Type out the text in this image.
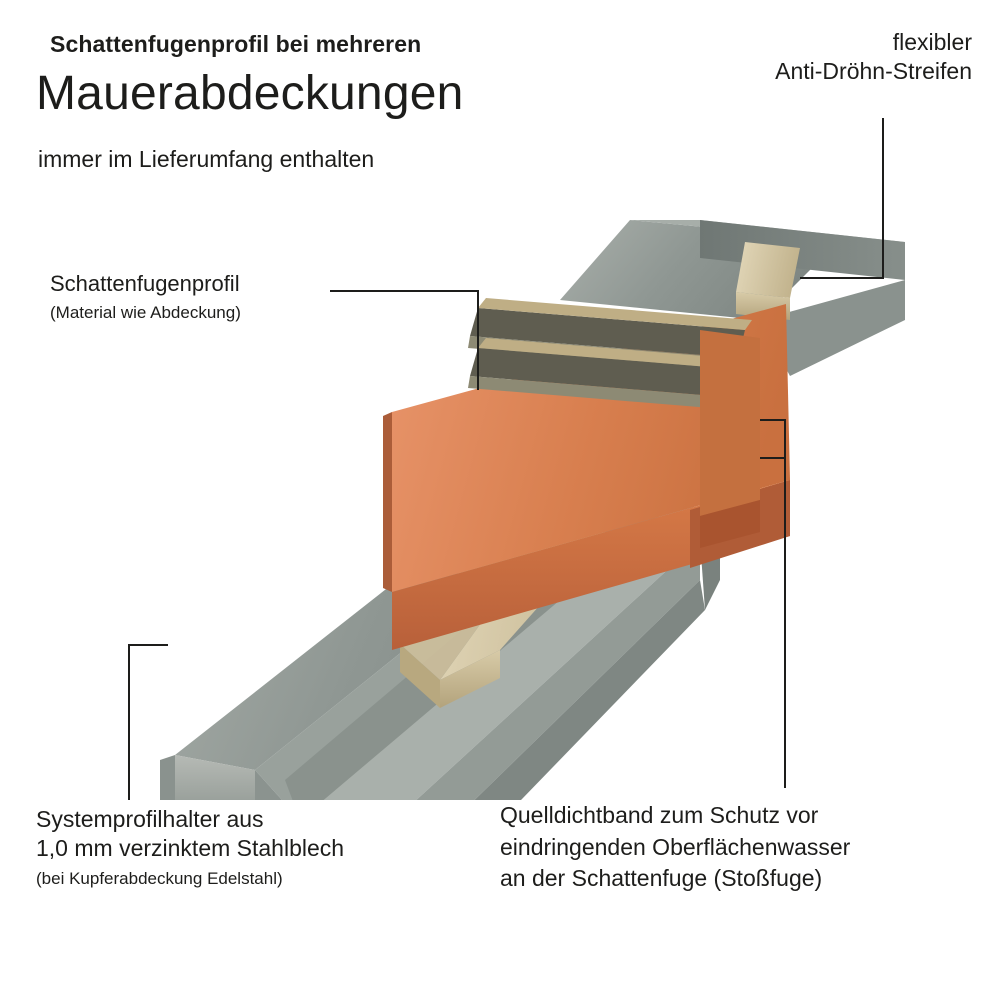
Schattenfugenprofil bei mehreren
Mauerabdeckungen
immer im Lieferumfang enthalten
flexibler
Anti-Dröhn-Streifen
Schattenfugenprofil
(Material wie Abdeckung)
Systemprofilhalter aus
1,0 mm verzinktem Stahlblech
(bei Kupferabdeckung Edelstahl)
Quelldichtband zum Schutz vor
eindringenden Oberflächenwasser
an der Schattenfuge (Stoßfuge)
